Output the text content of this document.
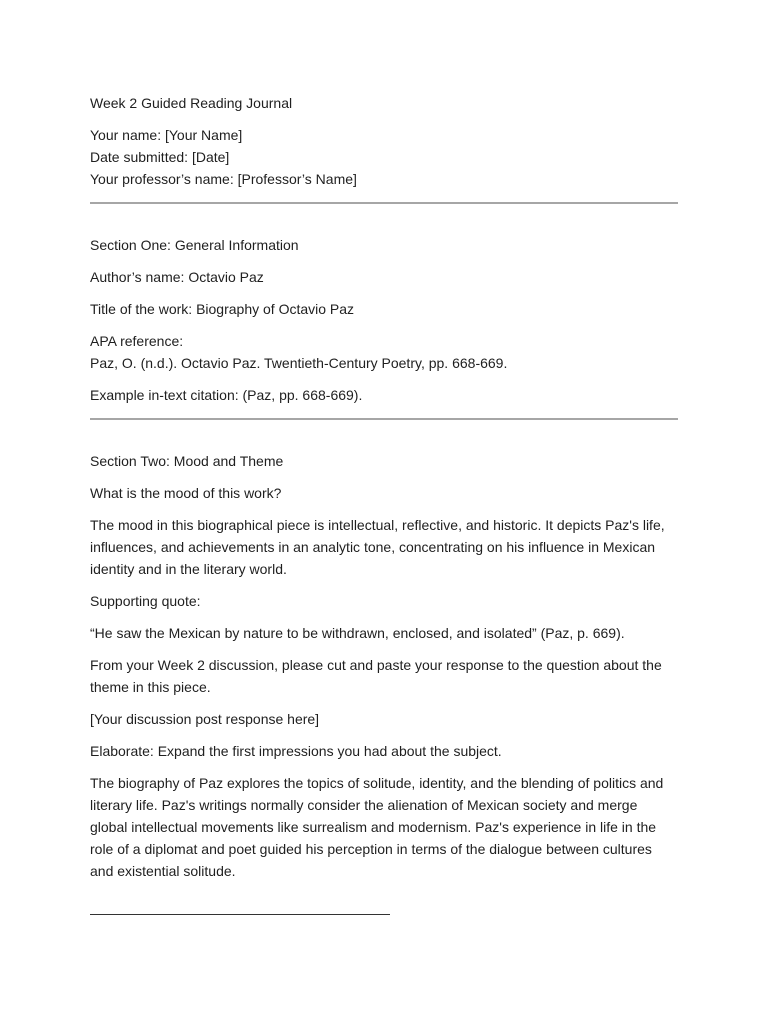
Week 2 Guided Reading Journal

Your name: [Your Name]

Date submitted: [Date]

Your professor’s name: [Professor’s Name]

Section One: General Information

Author’s name: Octavio Paz

Title of the work: Biography of Octavio Paz

APA reference:

Paz, O. (n.d.). Octavio Paz. Twentieth-Century Poetry, pp. 668-669.

Example in-text citation: (Paz, pp. 668-669).

Section Two: Mood and Theme

What is the mood of this work?

The mood in this biographical piece is intellectual, reflective, and historic. It depicts Paz's life, influences, and achievements in an analytic tone, concentrating on his influence in Mexican identity and in the literary world.

Supporting quote:

“He saw the Mexican by nature to be withdrawn, enclosed, and isolated” (Paz, p. 669).

From your Week 2 discussion, please cut and paste your response to the question about the theme in this piece.

[Your discussion post response here]

Elaborate: Expand the first impressions you had about the subject.

The biography of Paz explores the topics of solitude, identity, and the blending of politics and literary life. Paz's writings normally consider the alienation of Mexican society and merge global intellectual movements like surrealism and modernism. Paz's experience in life in the role of a diplomat and poet guided his perception in terms of the dialogue between cultures and existential solitude.
